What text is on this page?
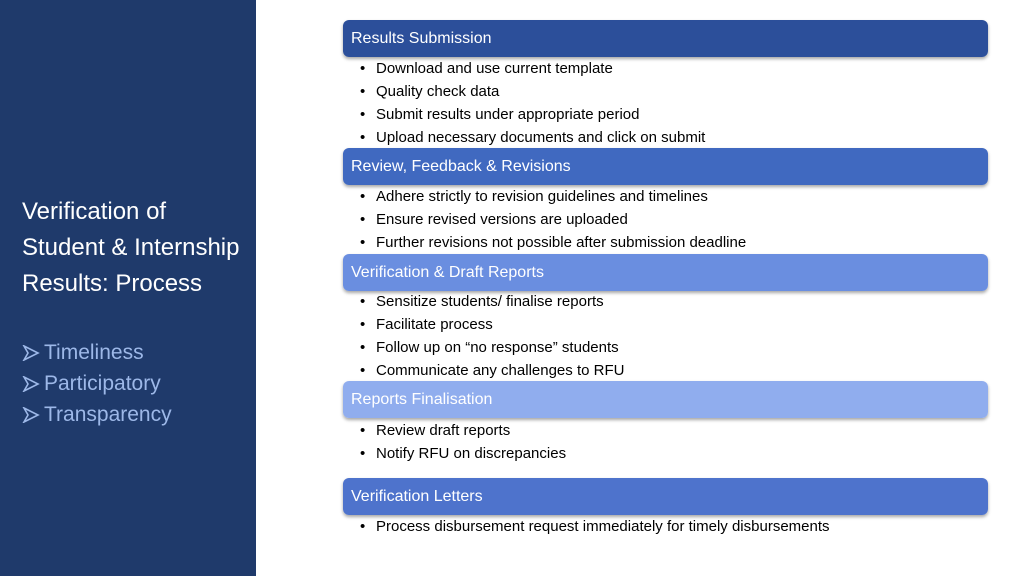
Verification of Student & Internship Results: Process
Timeliness
Participatory
Transparency
Results Submission
• Download and use current template
• Quality check data
• Submit results under appropriate period
• Upload necessary documents and click on submit
Review, Feedback & Revisions
• Adhere strictly to revision guidelines and timelines
• Ensure revised versions are uploaded
• Further revisions not possible after submission deadline
Verification & Draft Reports
• Sensitize students/ finalise reports
• Facilitate process
• Follow up on “no response” students
• Communicate any challenges to RFU
Reports Finalisation
• Review draft reports
• Notify RFU on discrepancies
Verification Letters
• Process disbursement request immediately for timely disbursements
